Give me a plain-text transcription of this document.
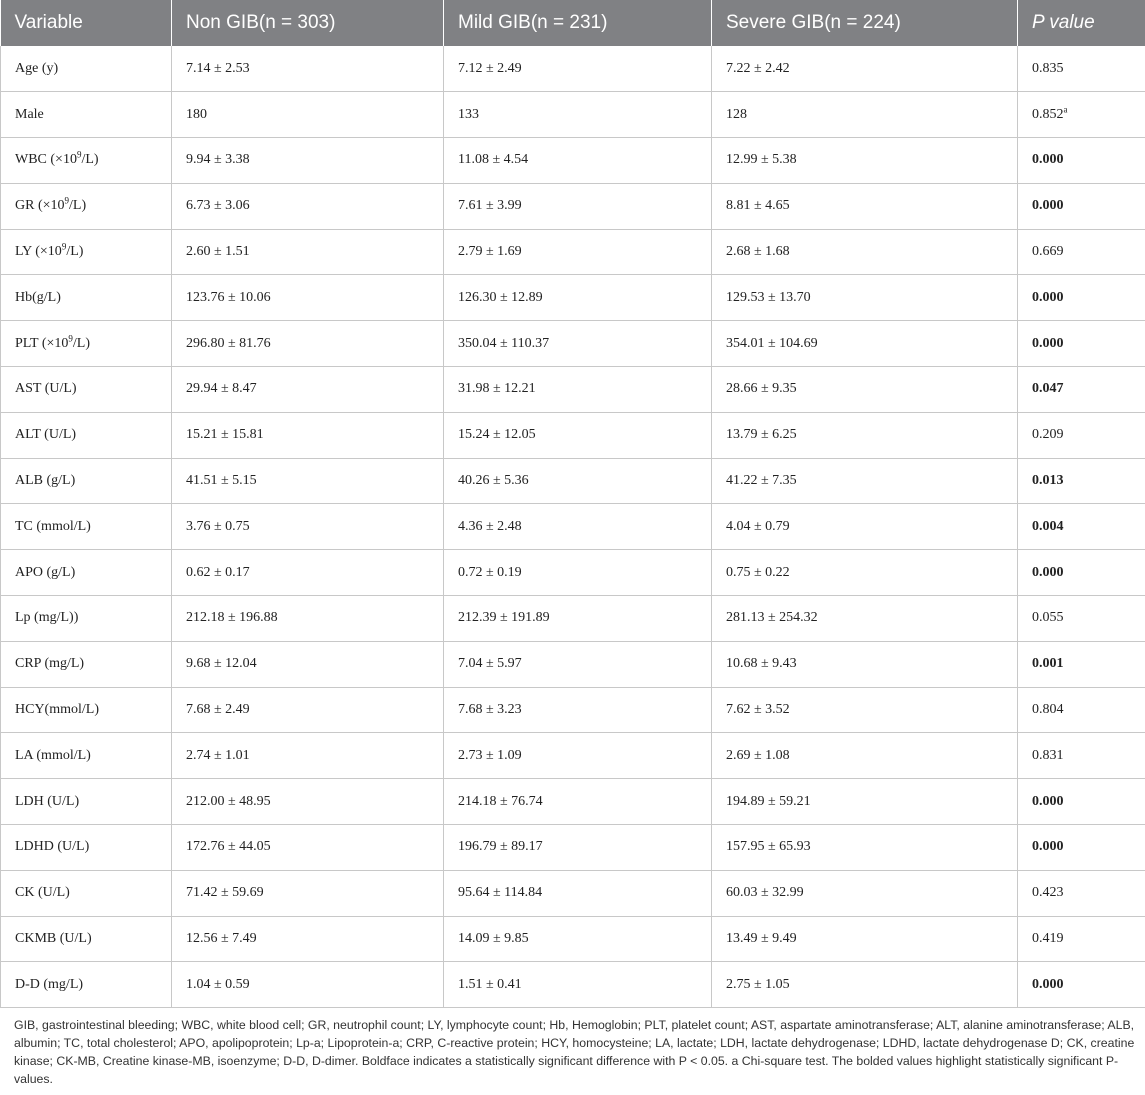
Variable	Non GIB(n = 303)	Mild GIB(n = 231)	Severe GIB(n = 224)	P value
Age (y)	7.14 ± 2.53	7.12 ± 2.49	7.22 ± 2.42	0.835
Male	180	133	128	0.852$^a$
WBC $(\times 10^9/L)$	9.94 ± 3.38	11.08 ± 4.54	12.99 ± 5.38	0.000
GR $(\times 10^9/L)$	6.73 ± 3.06	7.61 ± 3.99	8.81 ± 4.65	0.000
LY $(\times 10^9/L)$	2.60 ± 1.51	2.79 ± 1.69	2.68 ± 1.68	0.669
Hb(g/L)	123.76 ± 10.06	126.30 ± 12.89	129.53 ± 13.70	0.000
PLT $(\times 10^9/L)$	296.80 ± 81.76	350.04 ± 110.37	354.01 ± 104.69	0.000
AST (U/L)	29.94 ± 8.47	31.98 ± 12.21	28.66 ± 9.35	0.047
ALT (U/L)	15.21 ± 15.81	15.24 ± 12.05	13.79 ± 6.25	0.209
ALB (g/L)	41.51 ± 5.15	40.26 ± 5.36	41.22 ± 7.35	0.013
TC (mmol/L)	3.76 ± 0.75	4.36 ± 2.48	4.04 ± 0.79	0.004
APO (g/L)	0.62 ± 0.17	0.72 ± 0.19	0.75 ± 0.22	0.000
Lp (mg/L))	212.18 ± 196.88	212.39 ± 191.89	281.13 ± 254.32	0.055
CRP (mg/L)	9.68 ± 12.04	7.04 ± 5.97	10.68 ± 9.43	0.001
HCY(mmol/L)	7.68 ± 2.49	7.68 ± 3.23	7.62 ± 3.52	0.804
LA (mmol/L)	2.74 ± 1.01	2.73 ± 1.09	2.69 ± 1.08	0.831
LDH (U/L)	212.00 ± 48.95	214.18 ± 76.74	194.89 ± 59.21	0.000
LDHD (U/L)	172.76 ± 44.05	196.79 ± 89.17	157.95 ± 65.93	0.000
CK (U/L)	71.42 ± 59.69	95.64 ± 114.84	60.03 ± 32.99	0.423
CKMB (U/L)	12.56 ± 7.49	14.09 ± 9.85	13.49 ± 9.49	0.419
D-D (mg/L)	1.04 ± 0.59	1.51 ± 0.41	2.75 ± 1.05	0.000
GIB, gastrointestinal bleeding; WBC, white blood cell; GR, neutrophil count; LY, lymphocyte count; Hb, Hemoglobin; PLT, platelet count; AST, aspartate aminotransferase; ALT, alanine aminotransferase; ALB, albumin; TC, total cholesterol; APO, apolipoprotein; Lp-a; Lipoprotein-a; CRP, C-reactive protein; HCY, homocysteine; LA, lactate; LDH, lactate dehydrogenase; LDHD, lactate dehydrogenase D; CK, creatine kinase; CK-MB, Creatine kinase-MB, isoenzyme; D-D, D-dimer. Boldface indicates a statistically significant difference with P < 0.05. a Chi-square test. The bolded values highlight statistically significant P-values.
